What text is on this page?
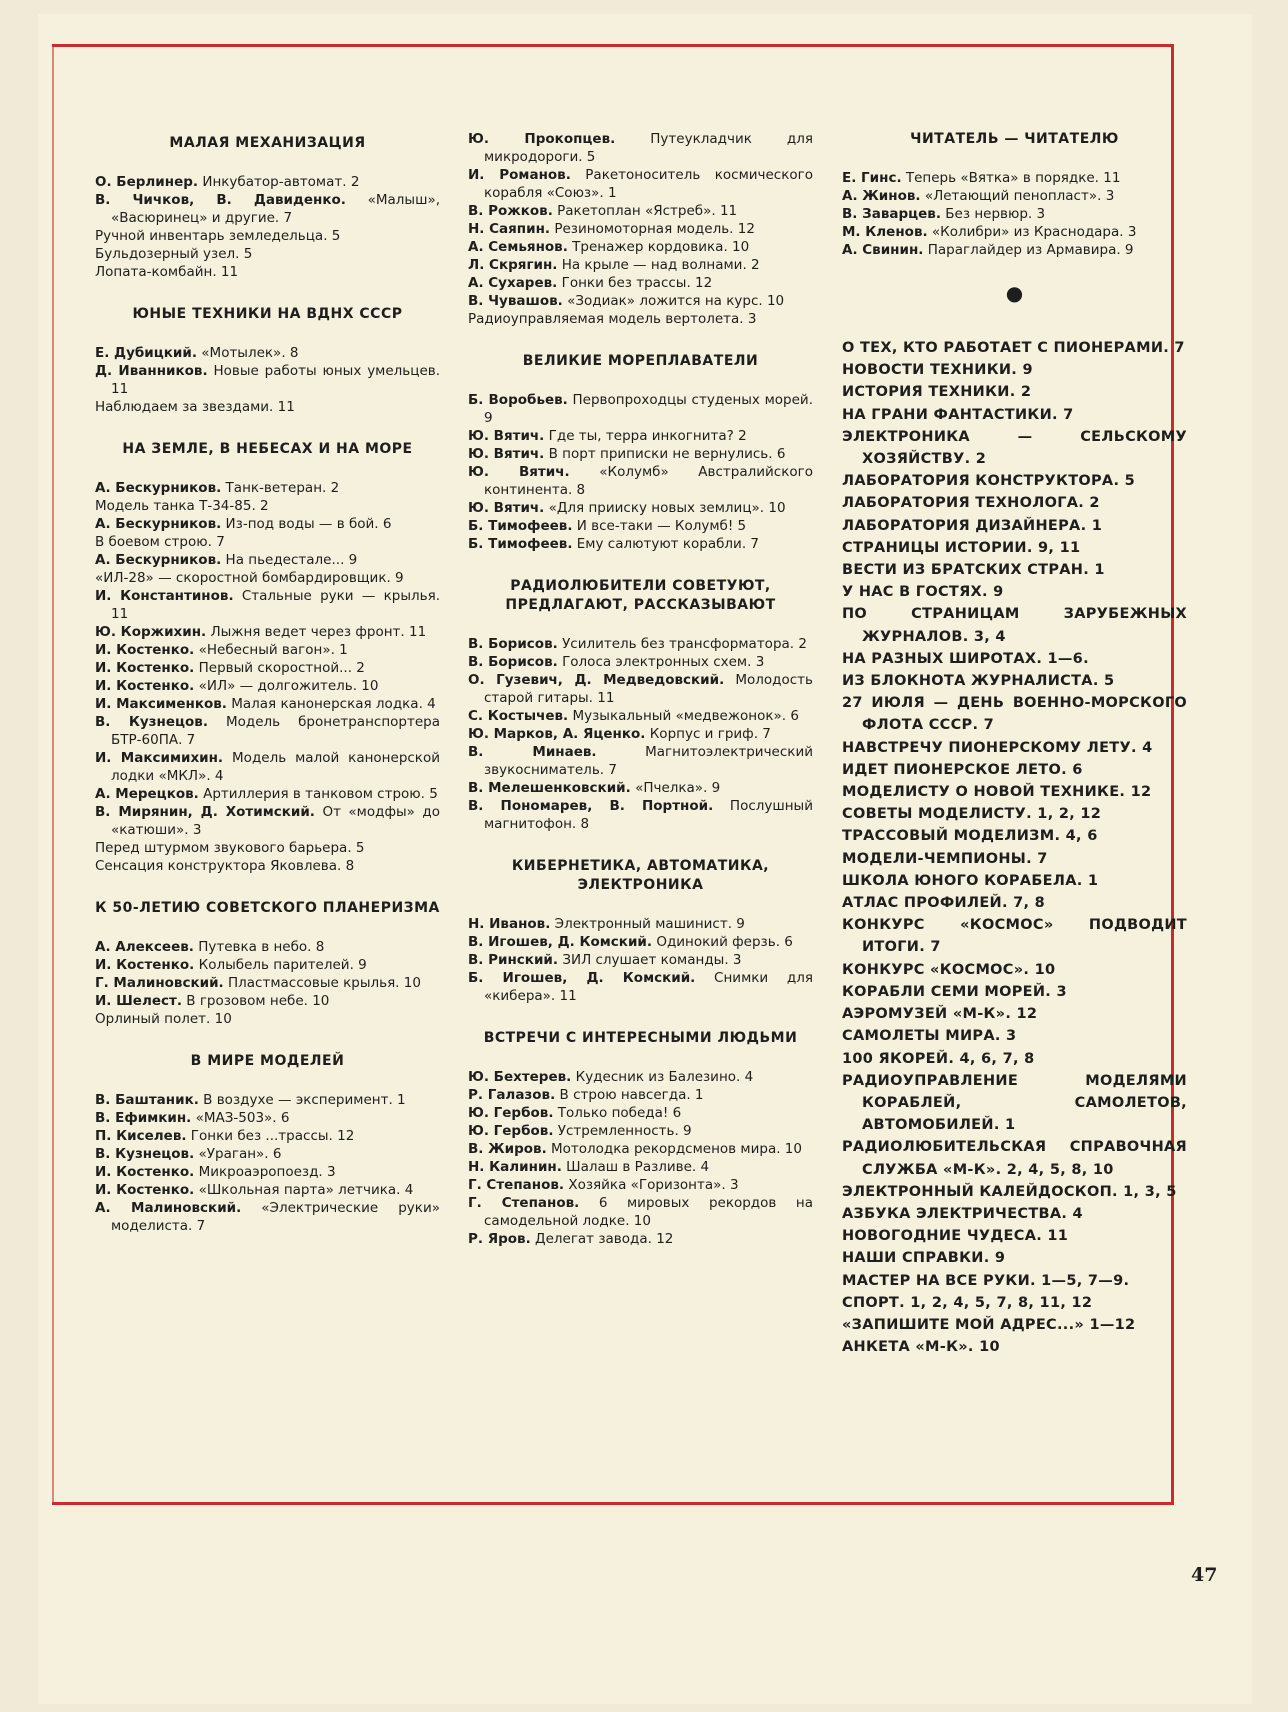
МАЛАЯ МЕХАНИЗАЦИЯ
О. Берлинер. Инкубатор-автомат. 2
В. Чичков, В. Давиденко. «Малыш», «Васюринец» и другие. 7
Ручной инвентарь земледельца. 5
Бульдозерный узел. 5
Лопата-комбайн. 11
ЮНЫЕ ТЕХНИКИ НА ВДНХ СССР
Е. Дубицкий. «Мотылек». 8
Д. Иванников. Новые работы юных умельцев. 11
Наблюдаем за звездами. 11
НА ЗЕМЛЕ, В НЕБЕСАХ И НА МОРЕ
А. Бескурников. Танк-ветеран. 2
Модель танка Т-34-85. 2
А. Бескурников. Из-под воды — в бой. 6
В боевом строю. 7
А. Бескурников. На пьедестале... 9
«ИЛ-28» — скоростной бомбардировщик. 9
И. Константинов. Стальные руки — крылья. 11
Ю. Коржихин. Лыжня ведет через фронт. 11
И. Костенко. «Небесный вагон». 1
И. Костенко. Первый скоростной... 2
И. Костенко. «ИЛ» — долгожитель. 10
И. Максименков. Малая канонерская лодка. 4
В. Кузнецов. Модель бронетранспортера БТР-60ПА. 7
И. Максимихин. Модель малой канонерской лодки «МКЛ». 4
А. Мерецков. Артиллерия в танковом строю. 5
В. Мирянин, Д. Хотимский. От «модфы» до «катюши». 3
Перед штурмом звукового барьера. 5
Сенсация конструктора Яковлева. 8
К 50-ЛЕТИЮ СОВЕТСКОГО ПЛАНЕРИЗМА
А. Алексеев. Путевка в небо. 8
И. Костенко. Колыбель парителей. 9
Г. Малиновский. Пластмассовые крылья. 10
И. Шелест. В грозовом небе. 10
Орлиный полет. 10
В МИРЕ МОДЕЛЕЙ
В. Баштаник. В воздухе — эксперимент. 1
В. Ефимкин. «МАЗ-503». 6
П. Киселев. Гонки без ...трассы. 12
В. Кузнецов. «Ураган». 6
И. Костенко. Микроаэропоезд. 3
И. Костенко. «Школьная парта» летчика. 4
А. Малиновский. «Электрические руки» моделиста. 7
Ю. Прокопцев.	Путеукладчик для микродороги. 5
И. Романов. Ракетоноситель космического корабля «Союз». 1
В. Рожков. Ракетоплан «Ястреб». 11
Н. Саяпин. Резиномоторная модель. 12
А. Семьянов. Тренажер кордовика. 10
Л. Скрягин. На крыле — над волнами. 2
А. Сухарев. Гонки без трассы. 12
В. Чувашов. «Зодиак» ложится на курс. 10
Радиоуправляемая модель вертолета. 3
ВЕЛИКИЕ МОРЕПЛАВАТЕЛИ
Б. Воробьев. Первопроходцы студеных морей. 9
Ю. Вятич. Где ты, терра инкогнита? 2
Ю. Вятич. В порт приписки не вернулись. 6
Ю. Вятич. «Колумб» Австралийского континента. 8
Ю. Вятич. «Для прииску новых землиц». 10
Б. Тимофеев. И все-таки — Колумб! 5
Б. Тимофеев. Ему салютуют корабли. 7
РАДИОЛЮБИТЕЛИ СОВЕТУЮТ, ПРЕДЛАГАЮТ, РАССКАЗЫВАЮТ
В. Борисов. Усилитель без трансформатора. 2
В. Борисов. Голоса электронных схем. 3
О. Гузевич, Д. Медведовский. Молодость старой гитары. 11
С. Костычев. Музыкальный «медвежонок». 6
Ю. Марков, А. Яценко. Корпус и гриф. 7
В. Минаев.	Магнитоэлектрический звукосниматель. 7
В. Мелешенковский. «Пчелка». 9
В. Пономарев, В. Портной. Послушный магнитофон. 8
КИБЕРНЕТИКА, АВТОМАТИКА, ЭЛЕКТРОНИКА
Н. Иванов. Электронный машинист. 9
В. Игошев, Д. Комский. Одинокий ферзь. 6
В. Ринский. ЗИЛ слушает команды. 3
Б. Игошев, Д. Комский. Снимки для «кибера». 11
ВСТРЕЧИ С ИНТЕРЕСНЫМИ ЛЮДЬМИ
Ю. Бехтерев. Кудесник из Балезино. 4
Р. Галазов. В строю навсегда. 1
Ю. Гербов. Только победа! 6
Ю. Гербов. Устремленность. 9
В. Жиров. Мотолодка рекордсменов мира. 10
Н. Калинин. Шалаш в Разливе. 4
Г. Степанов. Хозяйка «Горизонта». 3
Г. Степанов. 6 мировых рекордов на самодельной лодке. 10
Р. Яров. Делегат завода. 12
ЧИТАТЕЛЬ — ЧИТАТЕЛЮ
Е. Гинс. Теперь «Вятка» в порядке. 11
А. Жинов. «Летающий пенопласт». 3
В. Заварцев. Без нервюр. 3
М. Кленов. «Колибри» из Краснодара. 3
А. Свинин. Параглайдер из Армавира. 9
●
О ТЕХ, КТО РАБОТАЕТ С ПИОНЕРАМИ. 7
НОВОСТИ ТЕХНИКИ. 9
ИСТОРИЯ ТЕХНИКИ. 2
НА ГРАНИ ФАНТАСТИКИ. 7
ЭЛЕКТРОНИКА — СЕЛЬСКОМУ ХОЗЯЙСТВУ. 2
ЛАБОРАТОРИЯ КОНСТРУКТОРА. 5
ЛАБОРАТОРИЯ ТЕХНОЛОГА. 2
ЛАБОРАТОРИЯ ДИЗАЙНЕРА. 1
СТРАНИЦЫ ИСТОРИИ. 9, 11
ВЕСТИ ИЗ БРАТСКИХ СТРАН. 1
У НАС В ГОСТЯХ. 9
ПО СТРАНИЦАМ ЗАРУБЕЖНЫХ ЖУРНАЛОВ. 3, 4
НА РАЗНЫХ ШИРОТАХ. 1—6.
ИЗ БЛОКНОТА ЖУРНАЛИСТА. 5
27 ИЮЛЯ — ДЕНЬ ВОЕННО-МОРСКОГО ФЛОТА СССР. 7
НАВСТРЕЧУ ПИОНЕРСКОМУ ЛЕТУ. 4
ИДЕТ ПИОНЕРСКОЕ ЛЕТО. 6
МОДЕЛИСТУ О НОВОЙ ТЕХНИКЕ. 12
СОВЕТЫ МОДЕЛИСТУ. 1, 2, 12
ТРАССОВЫЙ МОДЕЛИЗМ. 4, 6
МОДЕЛИ-ЧЕМПИОНЫ. 7
ШКОЛА ЮНОГО КОРАБЕЛА. 1
АТЛАС ПРОФИЛЕЙ. 7, 8
КОНКУРС «КОСМОС» ПОДВОДИТ ИТОГИ. 7
КОНКУРС «КОСМОС». 10
КОРАБЛИ СЕМИ МОРЕЙ. 3
АЭРОМУЗЕЙ «М-К». 12
САМОЛЕТЫ МИРА. 3
100 ЯКОРЕЙ. 4, 6, 7, 8
РАДИОУПРАВЛЕНИЕ МОДЕЛЯМИ КОРАБЛЕЙ, САМОЛЕТОВ, АВТОМОБИЛЕЙ. 1
РАДИОЛЮБИТЕЛЬСКАЯ СПРАВОЧНАЯ СЛУЖБА «М-К». 2, 4, 5, 8, 10
ЭЛЕКТРОННЫЙ КАЛЕЙДОСКОП. 1, 3, 5
АЗБУКА ЭЛЕКТРИЧЕСТВА. 4
НОВОГОДНИЕ ЧУДЕСА. 11
НАШИ СПРАВКИ. 9
МАСТЕР НА ВСЕ РУКИ. 1—5, 7—9.
СПОРТ. 1, 2, 4, 5, 7, 8, 11, 12
«ЗАПИШИТЕ МОЙ АДРЕС...» 1—12
АНКЕТА «М-К». 10
47
